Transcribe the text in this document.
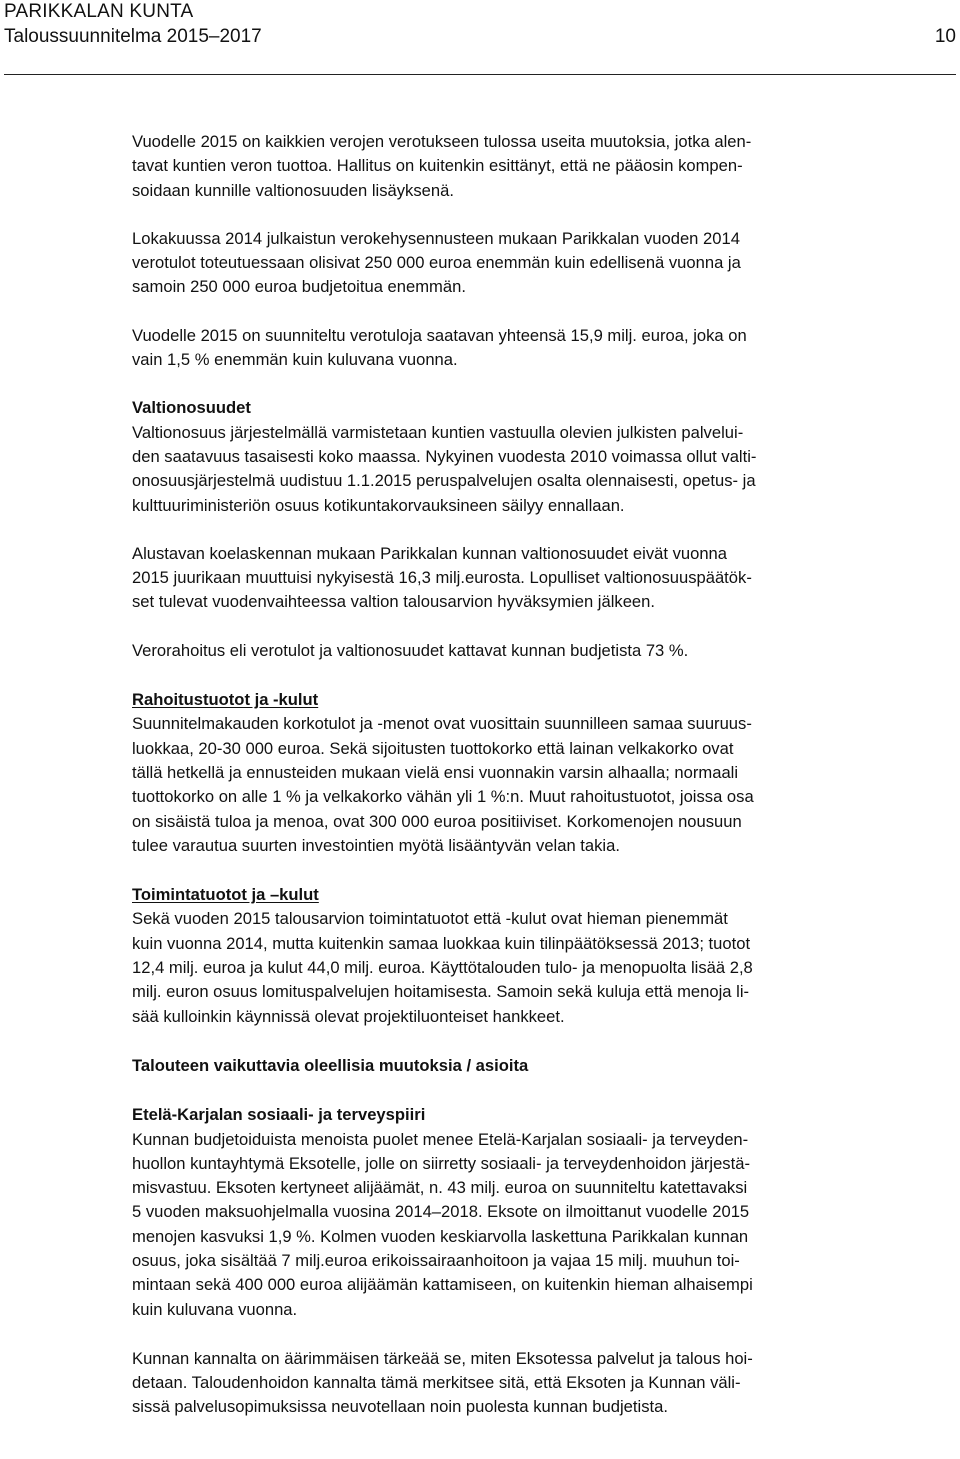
PARIKKALAN KUNTA
Taloussuunnitelma 2015–2017	10

Vuodelle 2015 on kaikkien verojen verotukseen tulossa useita muutoksia, jotka alen-
tavat kuntien veron tuottoa. Hallitus on kuitenkin esittänyt, että ne pääosin kompen-
soidaan kunnille valtionosuuden lisäyksenä.

Lokakuussa 2014 julkaistun verokehysennusteen mukaan Parikkalan vuoden 2014
verotulot toteutuessaan olisivat 250 000 euroa enemmän kuin edellisenä vuonna ja
samoin 250 000 euroa budjetoitua enemmän.

Vuodelle 2015 on suunniteltu verotuloja saatavan yhteensä 15,9 milj. euroa, joka on
vain 1,5 % enemmän kuin kuluvana vuonna.

Valtionosuudet
Valtionosuus järjestelmällä varmistetaan kuntien vastuulla olevien julkisten palvelui-
den saatavuus tasaisesti koko maassa. Nykyinen vuodesta 2010 voimassa ollut valti-
onosuusjärjestelmä uudistuu 1.1.2015 peruspalvelujen osalta olennaisesti, opetus- ja
kulttuuriministeriön osuus kotikuntakorvauksineen säilyy ennallaan.

Alustavan koelaskennan mukaan Parikkalan kunnan valtionosuudet eivät vuonna
2015 juurikaan muuttuisi nykyisestä 16,3 milj.eurosta. Lopulliset valtionosuuspäätök-
set tulevat vuodenvaihteessa valtion talousarvion hyväksymien jälkeen.

Verorahoitus eli verotulot ja valtionosuudet kattavat kunnan budjetista 73 %.

Rahoitustuotot ja -kulut
Suunnitelmakauden korkotulot ja -menot ovat vuosittain suunnilleen samaa suuruus-
luokkaa, 20-30 000 euroa. Sekä sijoitusten tuottokorko että lainan velkakorko ovat
tällä hetkellä ja ennusteiden mukaan vielä ensi vuonnakin varsin alhaalla; normaali
tuottokorko on alle 1 % ja velkakorko vähän yli 1 %:n. Muut rahoitustuotot, joissa osa
on sisäistä tuloa ja menoa, ovat 300 000 euroa positiiviset. Korkomenojen nousuun
tulee varautua suurten investointien myötä lisääntyvän velan takia.

Toimintatuotot ja –kulut
Sekä vuoden 2015 talousarvion toimintatuotot että -kulut ovat hieman pienemmät
kuin vuonna 2014, mutta kuitenkin samaa luokkaa kuin tilinpäätöksessä 2013; tuotot
12,4 milj. euroa ja kulut 44,0 milj. euroa. Käyttötalouden tulo- ja menopuolta lisää 2,8
milj. euron osuus lomituspalvelujen hoitamisesta. Samoin sekä kuluja että menoja li-
sää kulloinkin käynnissä olevat projektiluonteiset hankkeet.

Talouteen vaikuttavia oleellisia muutoksia / asioita

Etelä-Karjalan sosiaali- ja terveyspiiri
Kunnan budjetoiduista menoista puolet menee Etelä-Karjalan sosiaali- ja terveyden-
huollon kuntayhtymä Eksotelle, jolle on siirretty sosiaali- ja terveydenhoidon järjestä-
misvastuu. Eksoten kertyneet alijäämät, n. 43 milj. euroa on suunniteltu katettavaksi
5 vuoden maksuohjelmalla vuosina 2014–2018. Eksote on ilmoittanut vuodelle 2015
menojen kasvuksi 1,9 %. Kolmen vuoden keskiarvolla laskettuna Parikkalan kunnan
osuus, joka sisältää 7 milj.euroa erikoissairaanhoitoon ja vajaa 15 milj. muuhun toi-
mintaan sekä 400 000 euroa alijäämän kattamiseen, on kuitenkin hieman alhaisempi
kuin kuluvana vuonna.

Kunnan kannalta on äärimmäisen tärkeää se, miten Eksotessa palvelut ja talous hoi-
detaan. Taloudenhoidon kannalta tämä merkitsee sitä, että Eksoten ja Kunnan väli-
sissä palvelusopimuksissa neuvotellaan noin puolesta kunnan budjetista.
